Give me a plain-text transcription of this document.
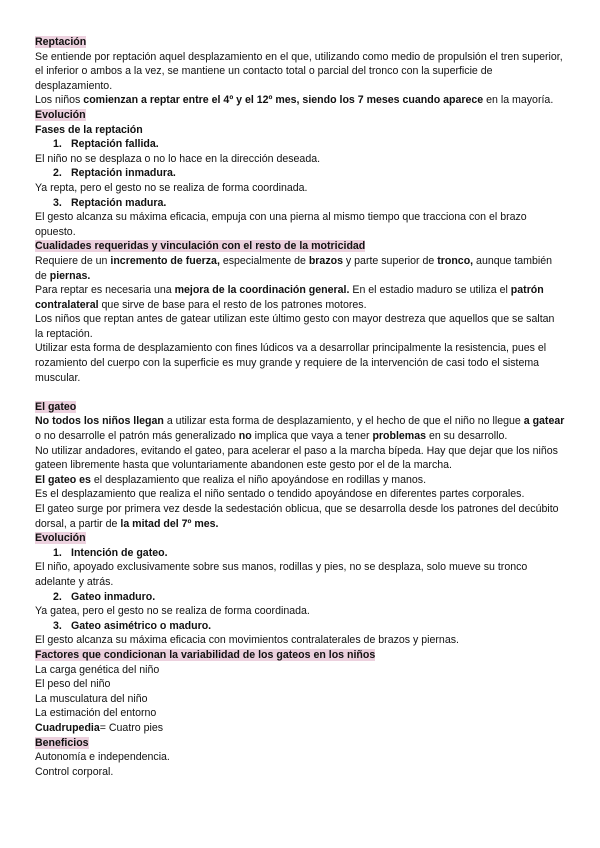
Reptación

Se entiende por reptación aquel desplazamiento en el que, utilizando como medio de propulsión el tren superior, el inferior o ambos a la vez, se mantiene un contacto total o parcial del tronco con la superficie de desplazamiento.

Los niños comienzan a reptar entre el 4º y el 12º mes, siendo los 7 meses cuando aparece en la mayoría.

Evolución

Fases de la reptación

1. Reptación fallida.

El niño no se desplaza o no lo hace en la dirección deseada.

2. Reptación inmadura.

Ya repta, pero el gesto no se realiza de forma coordinada.

3. Reptación madura.

El gesto alcanza su máxima eficacia, empuja con una pierna al mismo tiempo que tracciona con el brazo opuesto.

Cualidades requeridas y vinculación con el resto de la motricidad

Requiere de un incremento de fuerza, especialmente de brazos y parte superior de tronco, aunque también de piernas.

Para reptar es necesaria una mejora de la coordinación general. En el estadio maduro se utiliza el patrón contralateral que sirve de base para el resto de los patrones motores.

Los niños que reptan antes de gatear utilizan este último gesto con mayor destreza que aquellos que se saltan la reptación.

Utilizar esta forma de desplazamiento con fines lúdicos va a desarrollar principalmente la resistencia, pues el rozamiento del cuerpo con la superficie es muy grande y requiere de la intervención de casi todo el sistema muscular.

El gateo

No todos los niños llegan a utilizar esta forma de desplazamiento, y el hecho de que el niño no llegue a gatear o no desarrolle el patrón más generalizado no implica que vaya a tener problemas en su desarrollo.

No utilizar andadores, evitando el gateo, para acelerar el paso a la marcha bípeda. Hay que dejar que los niños gateen libremente hasta que voluntariamente abandonen este gesto por el de la marcha.

El gateo es el desplazamiento que realiza el niño apoyándose en rodillas y manos.

Es el desplazamiento que realiza el niño sentado o tendido apoyándose en diferentes partes corporales.

El gateo surge por primera vez desde la sedestación oblicua, que se desarrolla desde los patrones del decúbito dorsal, a partir de la mitad del 7º mes.

Evolución

1. Intención de gateo.

El niño, apoyado exclusivamente sobre sus manos, rodillas y pies, no se desplaza, solo mueve su tronco adelante y atrás.

2. Gateo inmaduro.

Ya gatea, pero el gesto no se realiza de forma coordinada.

3. Gateo asimétrico o maduro.

El gesto alcanza su máxima eficacia con movimientos contralaterales de brazos y piernas.

Factores que condicionan la variabilidad de los gateos en los niños

La carga genética del niño

El peso del niño

La musculatura del niño

La estimación del entorno

Cuadrupedia= Cuatro pies

Beneficios

Autonomía e independencia.

Control corporal.
